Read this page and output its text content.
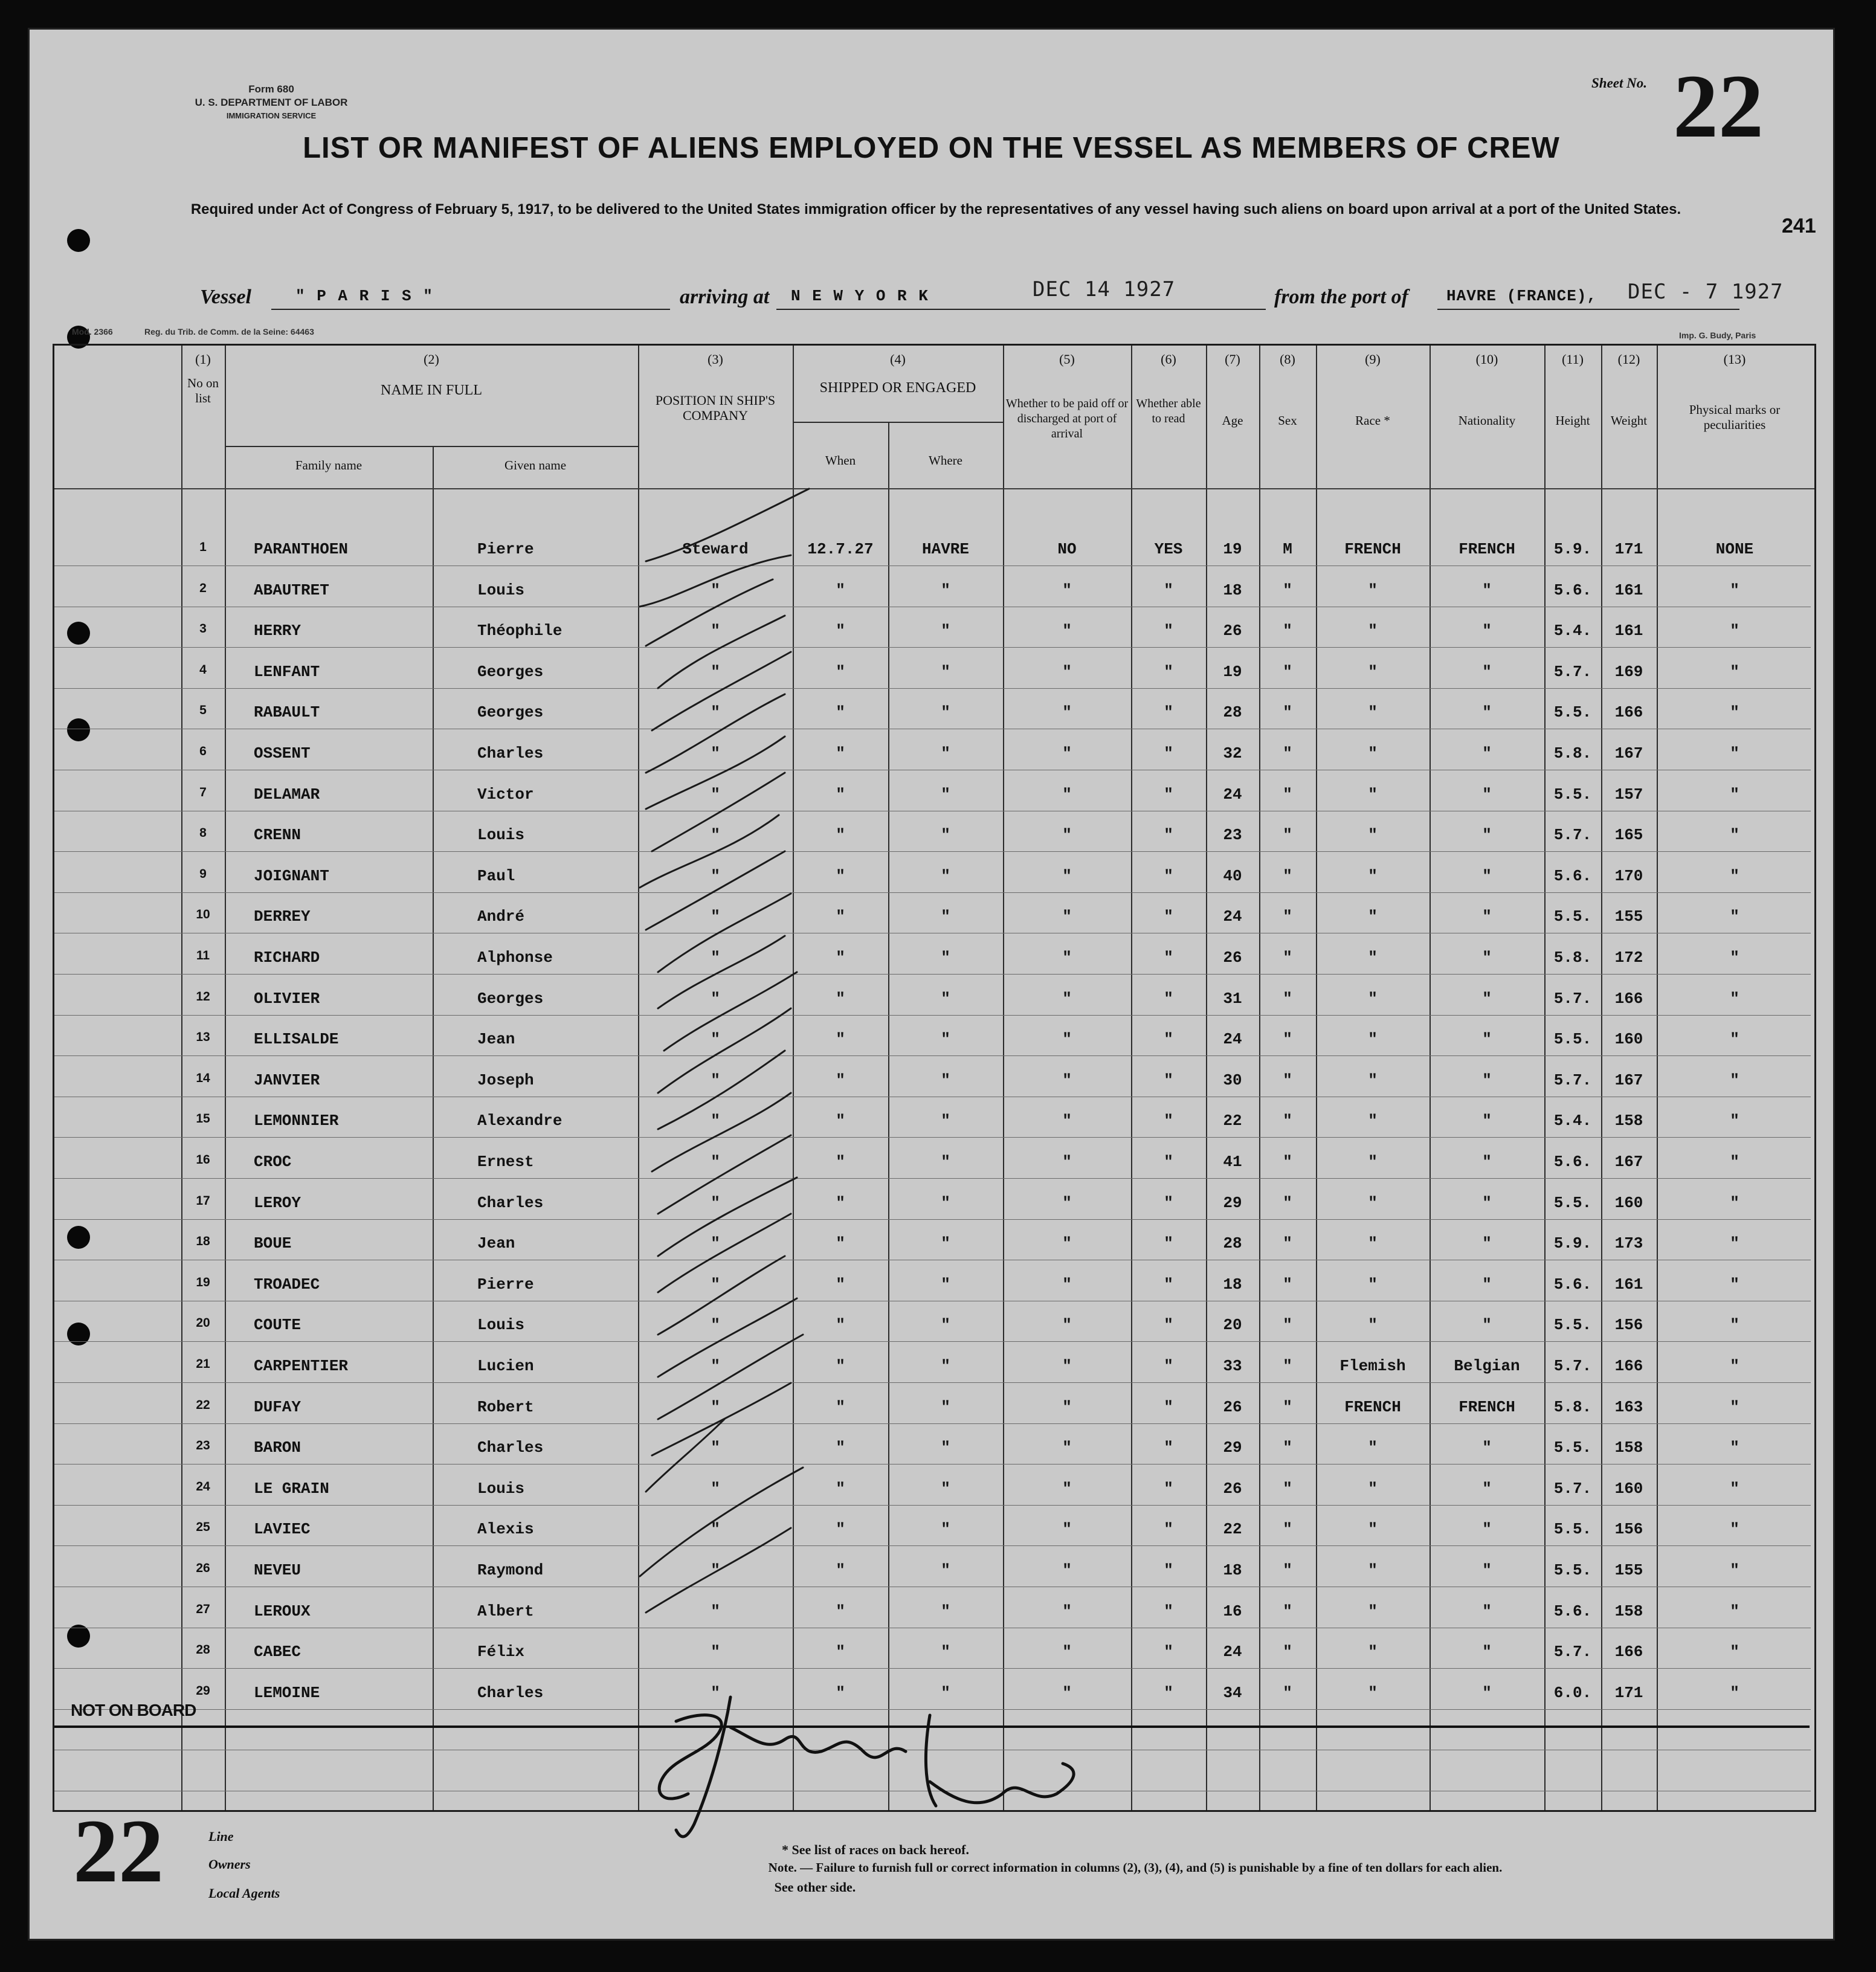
Form 680
U. S. DEPARTMENT OF LABOR
IMMIGRATION SERVICE
Sheet No. 22
241
LIST OR MANIFEST OF ALIENS EMPLOYED ON THE VESSEL AS MEMBERS OF CREW
Required under Act of Congress of February 5, 1917, to be delivered to the United States immigration officer by the representatives of any vessel having such aliens on board upon arrival at a port of the United States.
Vessel	" P A R I S "	arriving at N E W Y O R K	DEC 14 1927	from the port of HAVRE (FRANCE), DEC - 7 1927
Mod. 2366	Reg. du Trib. de Comm. de la Seine: 64463	Imp. G. Budy, Paris
(1)
No on list
(2)
NAME IN FULL
Family name	Given name
(3)
POSITION IN SHIP'S COMPANY
(4)
SHIPPED OR ENGAGED
When	Where
(5)
Whether to be paid off or discharged at port of arrival
(6)
Whether able to read
(7)
Age
(8)
Sex
(9)
Race *
(10)
Nationality
(11)
Height
(12)
Weight
(13)
Physical marks or peculiarities
1	PARANTHOEN	Pierre	Steward	12.7.27	HAVRE	NO	YES	19	M	FRENCH	FRENCH	5.9.	171	NONE
2	ABAUTRET	Louis	"	"	"	"	"	18	"	"	"	5.6.	161	"
3	HERRY	Théophile	"	"	"	"	"	26	"	"	"	5.4.	161	"
4	LENFANT	Georges	"	"	"	"	"	19	"	"	"	5.7.	169	"
5	RABAULT	Georges	"	"	"	"	"	28	"	"	"	5.5.	166	"
6	OSSENT	Charles	"	"	"	"	"	32	"	"	"	5.8.	167	"
7	DELAMAR	Victor	"	"	"	"	"	24	"	"	"	5.5.	157	"
8	CRENN	Louis	"	"	"	"	"	23	"	"	"	5.7.	165	"
9	JOIGNANT	Paul	"	"	"	"	"	40	"	"	"	5.6.	170	"
10	DERREY	André	"	"	"	"	"	24	"	"	"	5.5.	155	"
11	RICHARD	Alphonse	"	"	"	"	"	26	"	"	"	5.8.	172	"
12	OLIVIER	Georges	"	"	"	"	"	31	"	"	"	5.7.	166	"
13	ELLISALDE	Jean	"	"	"	"	"	24	"	"	"	5.5.	160	"
14	JANVIER	Joseph	"	"	"	"	"	30	"	"	"	5.7.	167	"
15	LEMONNIER	Alexandre	"	"	"	"	"	22	"	"	"	5.4.	158	"
16	CROC	Ernest	"	"	"	"	"	41	"	"	"	5.6.	167	"
17	LEROY	Charles	"	"	"	"	"	29	"	"	"	5.5.	160	"
18	BOUE	Jean	"	"	"	"	"	28	"	"	"	5.9.	173	"
19	TROADEC	Pierre	"	"	"	"	"	18	"	"	"	5.6.	161	"
20	COUTE	Louis	"	"	"	"	"	20	"	"	"	5.5.	156	"
21	CARPENTIER	Lucien	"	"	"	"	"	33	"	Flemish	Belgian	5.7.	166	"
22	DUFAY	Robert	"	"	"	"	"	26	"	FRENCH	FRENCH	5.8.	163	"
23	BARON	Charles	"	"	"	"	"	29	"	"	"	5.5.	158	"
24	LE GRAIN	Louis	"	"	"	"	"	26	"	"	"	5.7.	160	"
25	LAVIEC	Alexis	"	"	"	"	"	22	"	"	"	5.5.	156	"
26	NEVEU	Raymond	"	"	"	"	"	18	"	"	"	5.5.	155	"
27	LEROUX	Albert	"	"	"	"	"	16	"	"	"	5.6.	158	"
28	CABEC	Félix	"	"	"	"	"	24	"	"	"	5.7.	166	"
29	LEMOINE	Charles	"	"	"	"	"	34	"	"	"	6.0.	171	"
NOT ON BOARD
22	Line
Owners
Local Agents
* See list of races on back hereof.
Note. — Failure to furnish full or correct information in columns (2), (3), (4), and (5) is punishable by a fine of ten dollars for each alien.
See other side.
